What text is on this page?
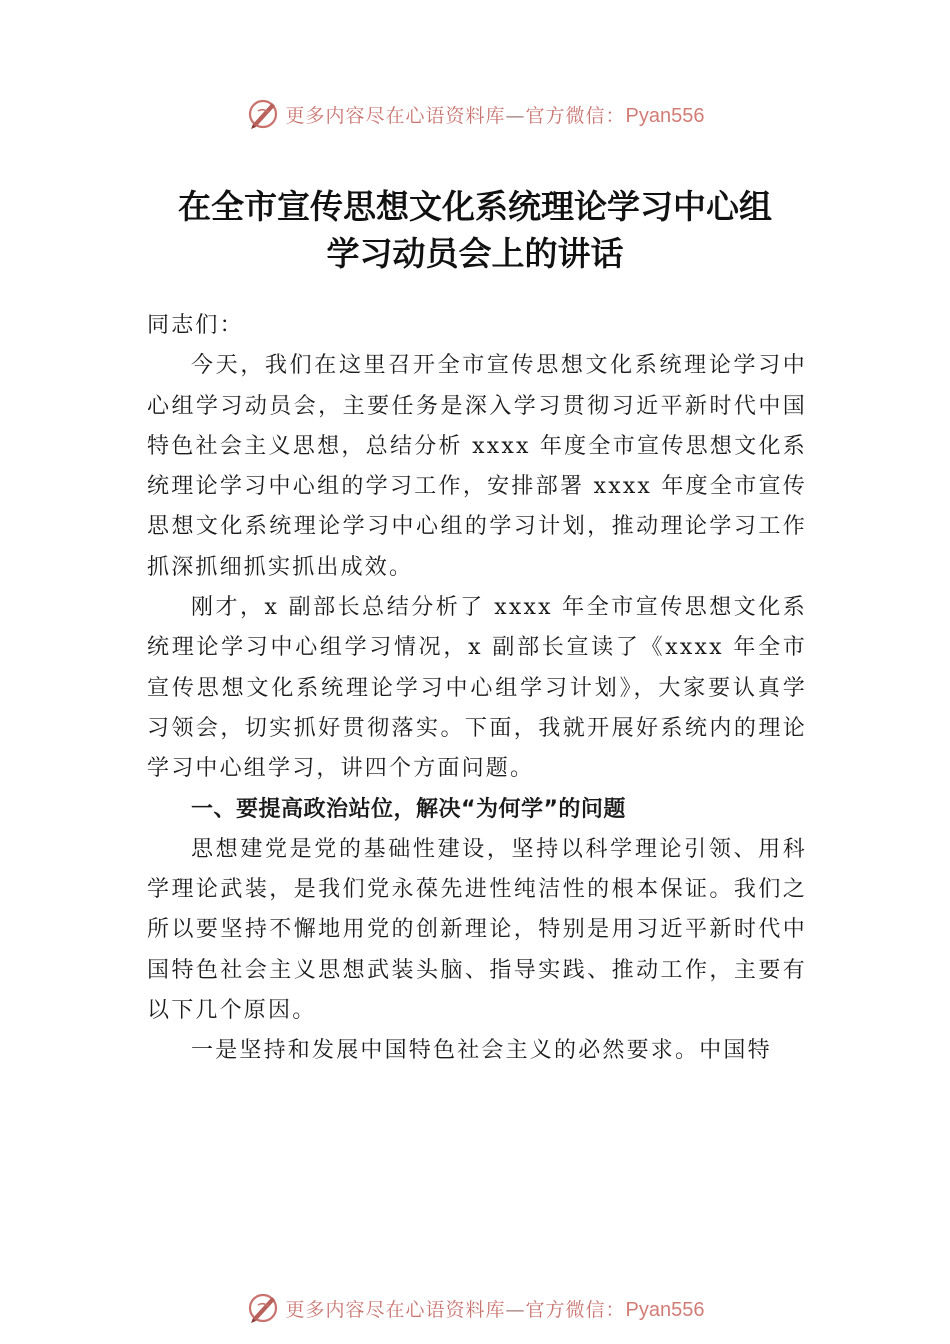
更多内容尽在心语资料库—官方微信：Pyan556
在全市宣传思想文化系统理论学习中心组
学习动员会上的讲话

同志们：

今天，我们在这里召开全市宣传思想文化系统理论学习中心组学习动员会，主要任务是深入学习贯彻习近平新时代中国特色社会主义思想，总结分析 xxxx 年度全市宣传思想文化系统理论学习中心组的学习工作，安排部署 xxxx 年度全市宣传思想文化系统理论学习中心组的学习计划，推动理论学习工作抓深抓细抓实抓出成效。

刚才，x 副部长总结分析了 xxxx 年全市宣传思想文化系统理论学习中心组学习情况，x 副部长宣读了《xxxx 年全市宣传思想文化系统理论学习中心组学习计划》，大家要认真学习领会，切实抓好贯彻落实。下面，我就开展好系统内的理论学习中心组学习，讲四个方面问题。

一、要提高政治站位，解决“为何学”的问题

思想建党是党的基础性建设，坚持以科学理论引领、用科学理论武装，是我们党永葆先进性纯洁性的根本保证。我们之所以要坚持不懈地用党的创新理论，特别是用习近平新时代中国特色社会主义思想武装头脑、指导实践、推动工作，主要有以下几个原因。

一是坚持和发展中国特色社会主义的必然要求。中国特

更多内容尽在心语资料库—官方微信：Pyan556
